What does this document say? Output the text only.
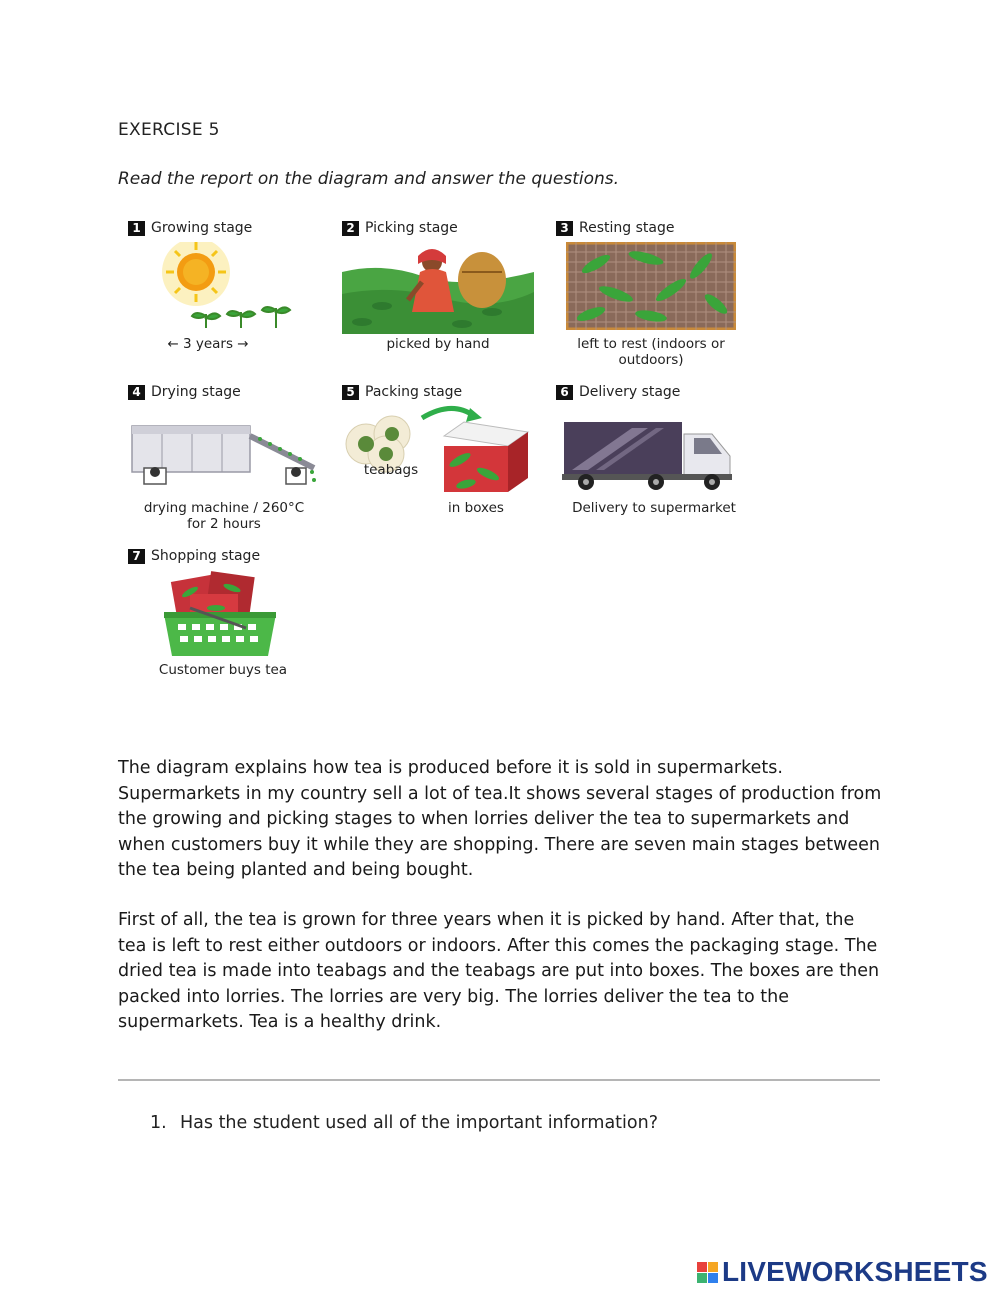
EXERCISE 5
Read the report on the diagram and answer the questions.
1 Growing stage
← 3 years →
2 Picking stage
picked by hand
3 Resting stage
left to rest (indoors or
outdoors)
4 Drying stage
drying machine / 260°C
for 2 hours
5 Packing stage
teabags
in boxes
6 Delivery stage
Delivery to supermarket
7 Shopping stage
Customer buys tea

The diagram explains how tea is produced before it is sold in supermarkets. Supermarkets in my country sell a lot of tea.It shows several stages of production from the growing and picking stages to when lorries deliver the tea to supermarkets and when customers buy it while they are shopping. There are seven main stages between the tea being planted and being bought.

First of all, the tea is grown for three years when it is picked by hand. After that, the tea is left to rest either outdoors or indoors. After this comes the packaging stage. The dried tea is made into teabags and the teabags are put into boxes. The boxes are then packed into lorries. The lorries are very big. The lorries deliver the tea to the supermarkets. Tea is a healthy drink.

1. Has the student used all of the important information?
LIVEWORKSHEETS
